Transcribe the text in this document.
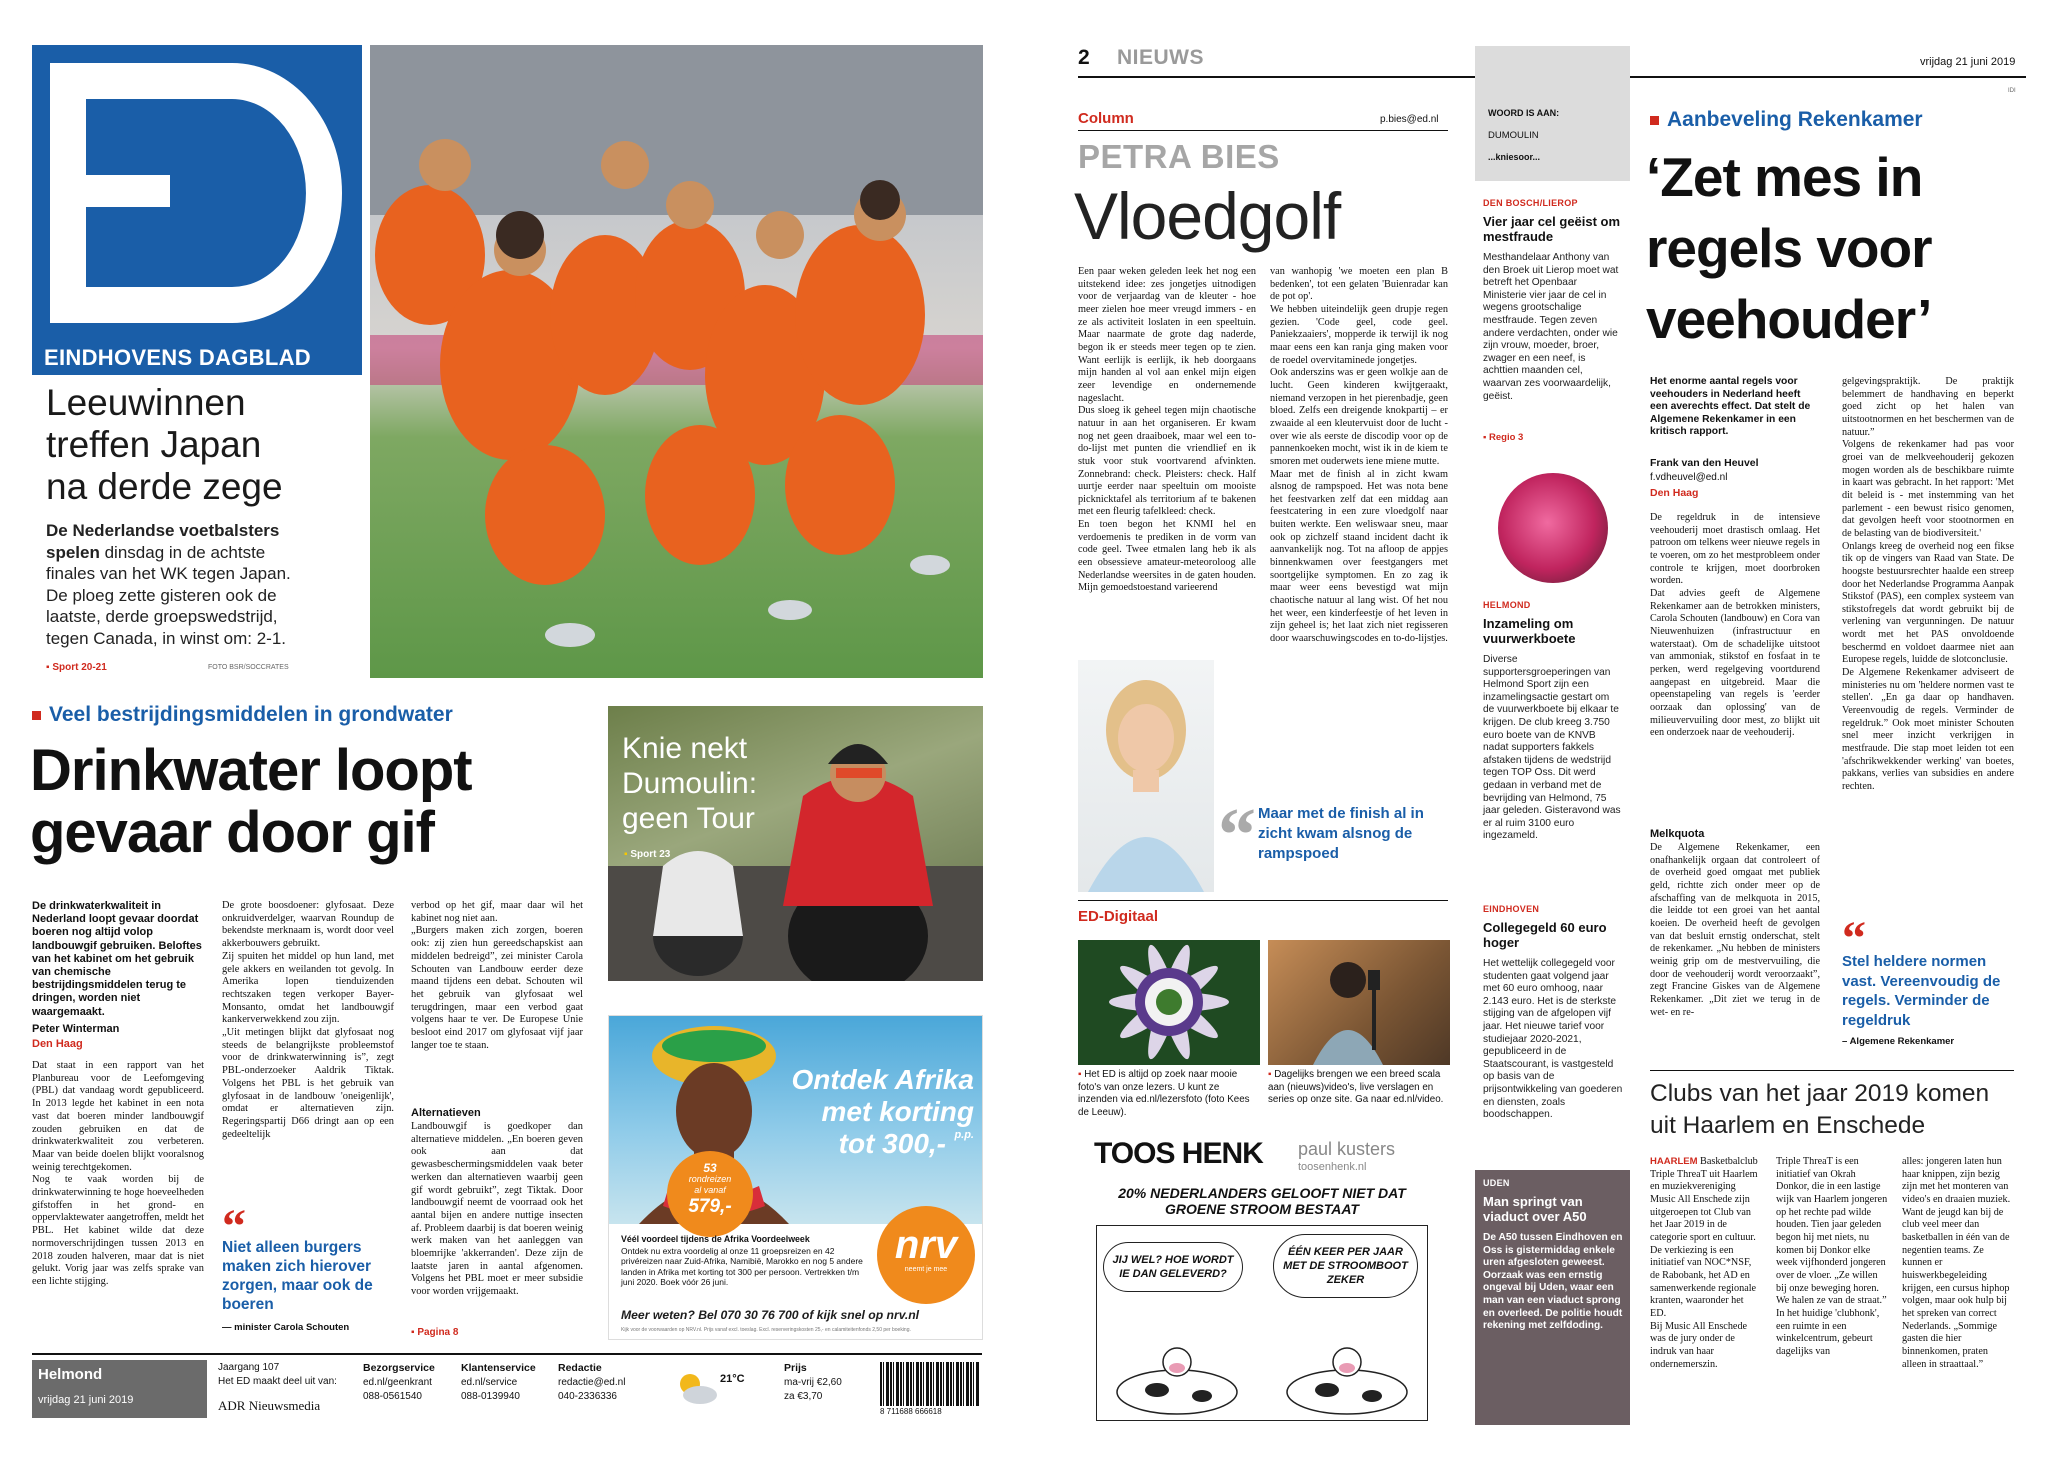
EINDHOVENS DAGBLAD
Leeuwinnen
treffen Japan
na derde zege
De Nederlandse voetbalsters spelen dinsdag in de achtste finales van het WK tegen Japan. De ploeg zette gisteren ook de laatste, derde groepswedstrijd, tegen Canada, in winst om: 2-1.
▪ Sport 20-21	FOTO BSR/SOCCRATES
Veel bestrijdingsmiddelen in grondwater
Drinkwater loopt gevaar door gif
De drinkwaterkwaliteit in Nederland loopt gevaar doordat boeren nog altijd volop landbouwgif gebruiken. Beloftes van het kabinet om het gebruik van chemische bestrijdingsmiddelen terug te dringen, worden niet waargemaakt.
Peter Winterman
Den Haag
Dat staat in een rapport van het Planbureau voor de Leefomgeving (PBL) dat vandaag wordt gepubliceerd. In 2013 legde het kabinet in een nota vast dat boeren minder landbouwgif zouden gebruiken en dat de drinkwaterkwaliteit zou verbeteren. Maar van beide doelen blijkt vooralsnog weinig terechtgekomen.
Nog te vaak worden bij de drinkwaterwinning te hoge hoeveelheden gifstoffen in het grond- en oppervlaktewater aangetroffen, meldt het PBL. Het kabinet wilde dat deze normoverschrijdingen tussen 2013 en 2018 zouden halveren, maar dat is niet gelukt. Vorig jaar was zelfs sprake van een lichte stijging.
De grote boosdoener: glyfosaat. Deze onkruidverdelger, waarvan Roundup de bekendste merknaam is, wordt door veel akkerbouwers gebruikt.
Zij spuiten het middel op hun land, met gele akkers en weilanden tot gevolg. In Amerika lopen tienduizenden rechtszaken tegen verkoper Bayer-Monsanto, omdat het landbouwgif kankerverwekkend zou zijn.
„Uit metingen blijkt dat glyfosaat nog steeds de belangrijkste probleemstof voor de drinkwaterwinning is”, zegt PBL-onderzoeker Aaldrik Tiktak. Volgens het PBL is het gebruik van glyfosaat in de landbouw 'oneigenlijk', omdat er alternatieven zijn. Regeringspartij D66 dringt aan op een gedeeltelijk
“
Niet alleen burgers maken zich hierover zorgen, maar ook de boeren
— minister Carola Schouten
verbod op het gif, maar daar wil het kabinet nog niet aan.
„Burgers maken zich zorgen, boeren ook: zij zien hun gereedschapskist aan middelen bedreigd”, zei minister Carola Schouten van Landbouw eerder deze maand tijdens een debat. Schouten wil het gebruik van glyfosaat wel terugdringen, maar een verbod gaat volgens haar te ver. De Europese Unie besloot eind 2017 om glyfosaat vijf jaar langer toe te staan.
Alternatieven
Landbouwgif is goedkoper dan alternatieve middelen. „En boeren geven ook aan dat gewasbeschermingsmiddelen vaak beter werken dan alternatieven waarbij geen gif wordt gebruikt”, zegt Tiktak. Door landbouwgif neemt de voorraad ook het aantal bijen en andere nuttige insecten af. Probleem daarbij is dat boeren weinig werk maken van het aanleggen van bloemrijke 'akkerranden'. Deze zijn de laatste jaren in aantal afgenomen. Volgens het PBL moet er meer subsidie voor worden vrijgemaakt.
▪ Pagina 8
Knie nekt Dumoulin: geen Tour
▪ Sport 23
Ontdek Afrika
met korting
tot 300,- p.p.
53
rondreizen
al vanaf
579,-
nrv
neemt je mee
Véél voordeel tijdens de Afrika Voordeelweek
Ontdek nu extra voordelig al onze 11 groepsreizen en 42 privéreizen naar Zuid-Afrika, Namibië, Marokko en nog 5 andere landen in Afrika met korting tot 300 per persoon. Vertrekken t/m juni 2020. Boek vóór 26 juni.
Meer weten? Bel 070 30 76 700 of kijk snel op nrv.nl
Kijk voor de voorwaarden op NRV.nl. Prijs vanaf excl. toeslag. Excl. reserveringskosten 25,- en calamiteitenfonds 2,50 per boeking.
Helmond
vrijdag 21 juni 2019
Jaargang 107
Het ED maakt deel uit van:
ADR Nieuwsmedia
Bezorgservice
ed.nl/geenkrant
088-0561540
Klantenservice
ed.nl/service
088-0139940
Redactie
redactie@ed.nl
040-2336336
21°C
Prijs
ma-vrij €2,60
za €3,70
8 711688 666618
2 NIEUWS	vrijdag 21 juni 2019
IDI
Column	p.bies@ed.nl
PETRA BIES
Vloedgolf
Een paar weken geleden leek het nog een uitstekend idee: zes jongetjes uitnodigen voor de verjaardag van de kleuter - hoe meer zielen hoe meer vreugd immers - en ze als activiteit loslaten in een speeltuin. Maar naarmate de grote dag naderde, begon ik er steeds meer tegen op te zien. Want eerlijk is eerlijk, ik heb doorgaans mijn handen al vol aan enkel mijn eigen zeer levendige en ondernemende nageslacht.
Dus sloeg ik geheel tegen mijn chaotische natuur in aan het organiseren. Er kwam nog net geen draaiboek, maar wel een to-do-lijst met punten die vriendlief en ik stuk voor stuk voortvarend afvinkten. Zonnebrand: check. Pleisters: check. Half uurtje eerder naar speeltuin om mooiste picknicktafel als territorium af te bakenen met een fleurig tafelkleed: check.
En toen begon het KNMI hel en verdoemenis te prediken in de vorm van code geel. Twee etmalen lang heb ik als een obsessieve amateur-meteoroloog alle Nederlandse weersites in de gaten houden. Mijn gemoedstoestand varieerend
van wanhopig 'we moeten een plan B bedenken', tot een gelaten 'Buienradar kan de pot op'.
We hebben uiteindelijk geen drupje regen gezien. 'Code geel, code geel. Paniekzaaiers', mopperde ik terwijl ik nog maar eens een kan ranja ging maken voor de roedel overvitaminede jongetjes.
Ook anderszins was er geen wolkje aan de lucht. Geen kinderen kwijtgeraakt, niemand verzopen in het pierenbadje, geen bloed. Zelfs een dreigende knokpartij – er zwaaide al een kleutervuist door de lucht - over wie als eerste de discodip voor op de pannenkoeken mocht, wist ik in de kiem te smoren met ouderwets ìene miene mutte.
Maar met de finish al in zicht kwam alsnog de rampspoed. Het was nota bene het feestvarken zelf dat een middag aan feestcatering in een zure vloedgolf naar buiten werkte. Een weliswaar sneu, maar ook op zichzelf staand incident dacht ik aanvankelijk nog. Tot na afloop de appjes binnenkwamen over feestgangers met soortgelijke symptomen. En zo zag ik maar weer eens bevestigd wat mijn chaotische natuur al lang wist. Of het nou het weer, een kinderfeestje of het leven in zijn geheel is; het laat zich niet regisseren door waarschuwingscodes en to-do-lijstjes.
“ Maar met de finish al in zicht kwam alsnog de rampspoed
ED-Digitaal
▪ Het ED is altijd op zoek naar mooie foto's van onze lezers. U kunt ze inzenden via ed.nl/lezersfoto (foto Kees de Leeuw).
▪ Dagelijks brengen we een breed scala aan (nieuws)video's, live verslagen en series op onze site. Ga naar ed.nl/video.
TOOS HENK paul kusters
toosenhenk.nl
20% NEDERLANDERS GELOOFT NIET DAT GROENE STROOM BESTAAT
JIJ WEL? HOE WORDT IE DAN GELEVERD?
ÉÉN KEER PER JAAR MET DE STROOMBOOT ZEKER
WOORD IS AAN:
DUMOULIN
...kniesoor...
DEN BOSCH/LIEROP
Vier jaar cel geëist om mestfraude
Mesthandelaar Anthony van den Broek uit Lierop moet wat betreft het Openbaar Ministerie vier jaar de cel in wegens grootschalige mestfraude. Tegen zeven andere verdachten, onder wie zijn vrouw, moeder, broer, zwager en een neef, is achttien maanden cel, waarvan zes voorwaardelijk, geëist.
▪ Regio 3
HELMOND
Inzameling om vuurwerkboete
Diverse supportersgroeperingen van Helmond Sport zijn een inzamelingsactie gestart om de vuurwerkboete bij elkaar te krijgen. De club kreeg 3.750 euro boete van de KNVB nadat supporters fakkels afstaken tijdens de wedstrijd tegen TOP Oss. Dit werd gedaan in verband met de bevrijding van Helmond, 75 jaar geleden. Gisteravond was er al ruim 3100 euro ingezameld.
EINDHOVEN
Collegegeld 60 euro hoger
Het wettelijk collegegeld voor studenten gaat volgend jaar met 60 euro omhoog, naar 2.143 euro. Het is de sterkste stijging van de afgelopen vijf jaar. Het nieuwe tarief voor studiejaar 2020-2021, gepubliceerd in de Staatscourant, is vastgesteld op basis van de prijsontwikkeling van goederen en diensten, zoals boodschappen.
UDEN
Man springt van viaduct over A50
De A50 tussen Eindhoven en Oss is gistermiddag enkele uren afgesloten geweest. Oorzaak was een ernstig ongeval bij Uden, waar een man van een viaduct sprong en overleed. De politie houdt rekening met zelfdoding.
Aanbeveling Rekenkamer
‘Zet mes in regels voor veehouder’
Het enorme aantal regels voor veehouders in Nederland heeft een averechts effect. Dat stelt de Algemene Rekenkamer in een kritisch rapport.
Frank van den Heuvel
f.vdheuvel@ed.nl
Den Haag
De regeldruk in de intensieve veehouderij moet drastisch omlaag. Het patroon om telkens weer nieuwe regels in te voeren, om zo het mestprobleem onder controle te krijgen, moet doorbroken worden.
Dat advies geeft de Algemene Rekenkamer aan de betrokken ministers, Carola Schouten (landbouw) en Cora van Nieuwenhuizen (infrastructuur en waterstaat). Om de schadelijke uitstoot van ammoniak, stikstof en fosfaat in te perken, werd regelgeving voortdurend aangepast en uitgebreid. Maar die opeenstapeling van regels is 'eerder oorzaak dan oplossing' van de milieuvervuiling door mest, zo blijkt uit een onderzoek naar de veehouderij.
Melkquota
De Algemene Rekenkamer, een onafhankelijk orgaan dat controleert of de overheid goed omgaat met publiek geld, richtte zich onder meer op de afschaffing van de melkquota in 2015, die leidde tot een groei van het aantal koeien. De overheid heeft de gevolgen van dat besluit ernstig onderschat, stelt de rekenkamer. „Nu hebben de ministers weinig grip om de mestvervuiling, die door de veehouderij wordt veroorzaakt”, zegt Francine Giskes van de Algemene Rekenkamer. „Dit ziet we terug in de wet- en re-
gelgevingspraktijk. De praktijk belemmert de handhaving en beperkt goed zicht op het halen van uitstootnormen en het beschermen van de natuur.”
Volgens de rekenkamer had pas voor groei van de melkveehouderij gekozen mogen worden als de beschikbare ruimte in kaart was gebracht. In het rapport: 'Met dit beleid is - met instemming van het parlement - een bewust risico genomen, dat gevolgen heeft voor stootnormen en de belasting van de biodiversiteit.'
Onlangs kreeg de overheid nog een fikse tik op de vingers van Raad van State. De hoogste bestuursrechter haalde een streep door het Nederlandse Programma Aanpak Stikstof (PAS), een complex systeem van stikstofregels dat wordt gebruikt bij de verlening van vergunningen. De natuur wordt met het PAS onvoldoende beschermd en voldoet daarmee niet aan Europese regels, luidde de slotconclusie.
De Algemene Rekenkamer adviseert de ministeries nu om 'heldere normen vast te stellen'. „En ga daar op handhaven. Vereenvoudig de regels. Verminder de regeldruk.” Ook moet minister Schouten snel meer inzicht verkrijgen in mestfraude. Die stap moet leiden tot een 'afschrikwekkender werking' van boetes, pakkans, verlies van subsidies en andere rechten.
“
Stel heldere normen vast. Vereenvoudig de regels. Verminder de regeldruk
– Algemene Rekenkamer
Clubs van het jaar 2019 komen uit Haarlem en Enschede
HAARLEM Basketbalclub Triple ThreaT uit Haarlem en muziekvereniging Music All Enschede zijn uitgeroepen tot Club van het Jaar 2019 in de categorie sport en cultuur. De verkiezing is een initiatief van NOC*NSF, de Rabobank, het AD en samenwerkende regionale kranten, waaronder het ED.
Bij Music All Enschede was de jury onder de indruk van haar ondernemerszin.
Triple ThreaT is een initiatief van Okrah Donkor, die in een lastige wijk van Haarlem jongeren op het rechte pad wilde houden. Tien jaar geleden begon hij met niets, nu komen bij Donkor elke week vijfhonderd jongeren over de vloer. „Ze willen bij onze beweging horen. We halen ze van de straat.”
In het huidige 'clubhonk', een ruimte in een winkelcentrum, gebeurt dagelijks van
alles: jongeren laten hun haar knippen, zijn bezig zijn met het monteren van video's en draaien muziek. Want de jeugd kan bij de club veel meer dan basketballen in één van de negentien teams. Ze kunnen er huiswerkbegeleiding krijgen, een cursus hiphop volgen, maar ook hulp bij het spreken van correct Nederlands. „Sommige gasten die hier binnenkomen, praten alleen in straattaal.”
